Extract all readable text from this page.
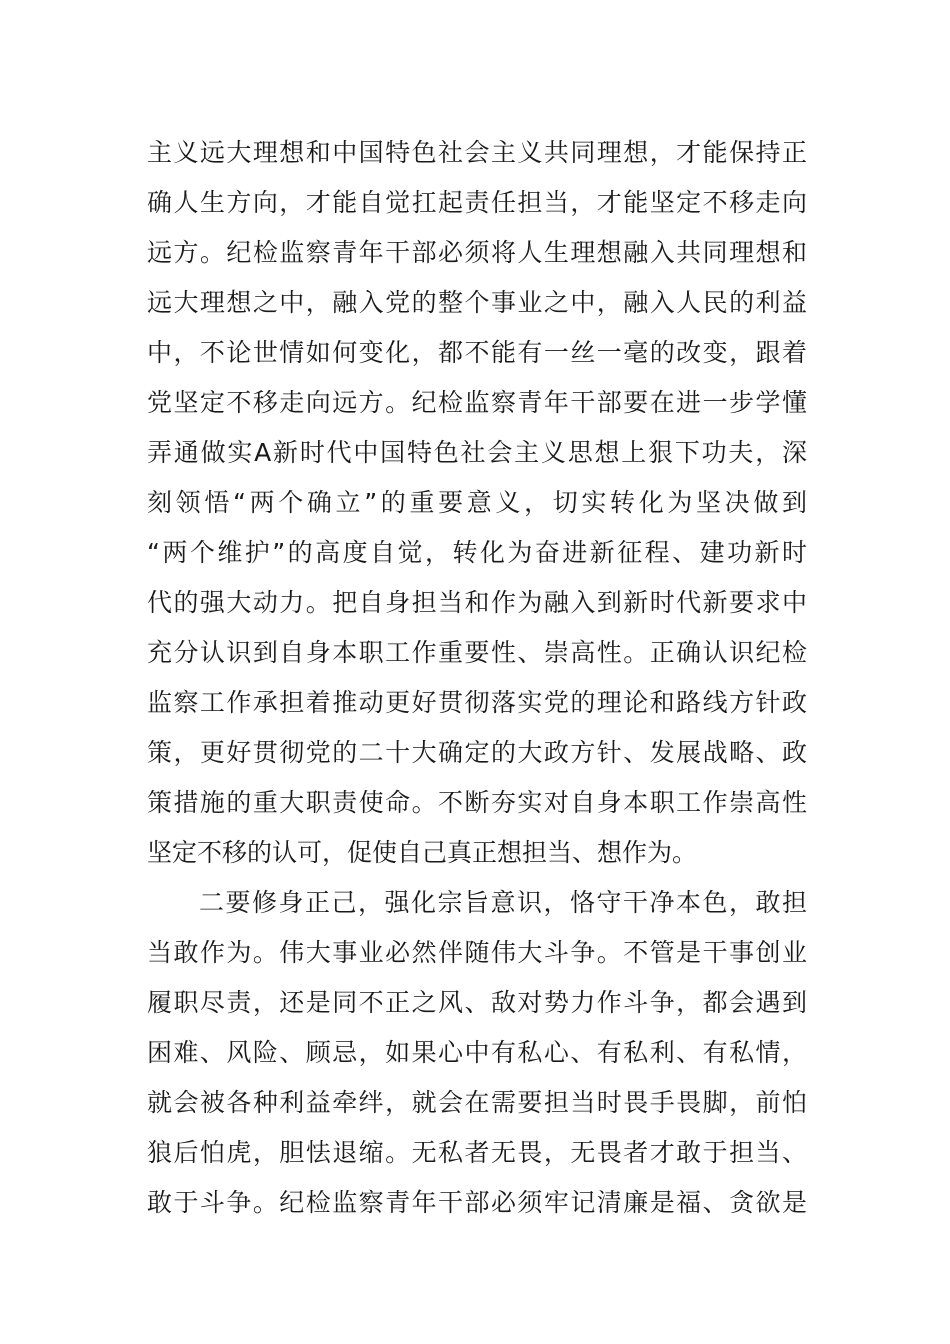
主义远大理想和中国特色社会主义共同理想，才能保持正
确人生方向，才能自觉扛起责任担当，才能坚定不移走向
远方。纪检监察青年干部必须将人生理想融入共同理想和
远大理想之中，融入党的整个事业之中，融入人民的利益
中，不论世情如何变化，都不能有一丝一毫的改变，跟着
党坚定不移走向远方。纪检监察青年干部要在进一步学懂
弄通做实A新时代中国特色社会主义思想上狠下功夫，深
刻领悟“两个确立”的重要意义，切实转化为坚决做到
“两个维护”的高度自觉，转化为奋进新征程、建功新时
代的强大动力。把自身担当和作为融入到新时代新要求中
充分认识到自身本职工作重要性、崇高性。正确认识纪检
监察工作承担着推动更好贯彻落实党的理论和路线方针政
策，更好贯彻党的二十大确定的大政方针、发展战略、政
策措施的重大职责使命。不断夯实对自身本职工作崇高性
坚定不移的认可，促使自己真正想担当、想作为。
二要修身正己，强化宗旨意识，恪守干净本色，敢担
当敢作为。伟大事业必然伴随伟大斗争。不管是干事创业
履职尽责，还是同不正之风、敌对势力作斗争，都会遇到
困难、风险、顾忌，如果心中有私心、有私利、有私情，
就会被各种利益牵绊，就会在需要担当时畏手畏脚，前怕
狼后怕虎，胆怯退缩。无私者无畏，无畏者才敢于担当、
敢于斗争。纪检监察青年干部必须牢记清廉是福、贪欲是
